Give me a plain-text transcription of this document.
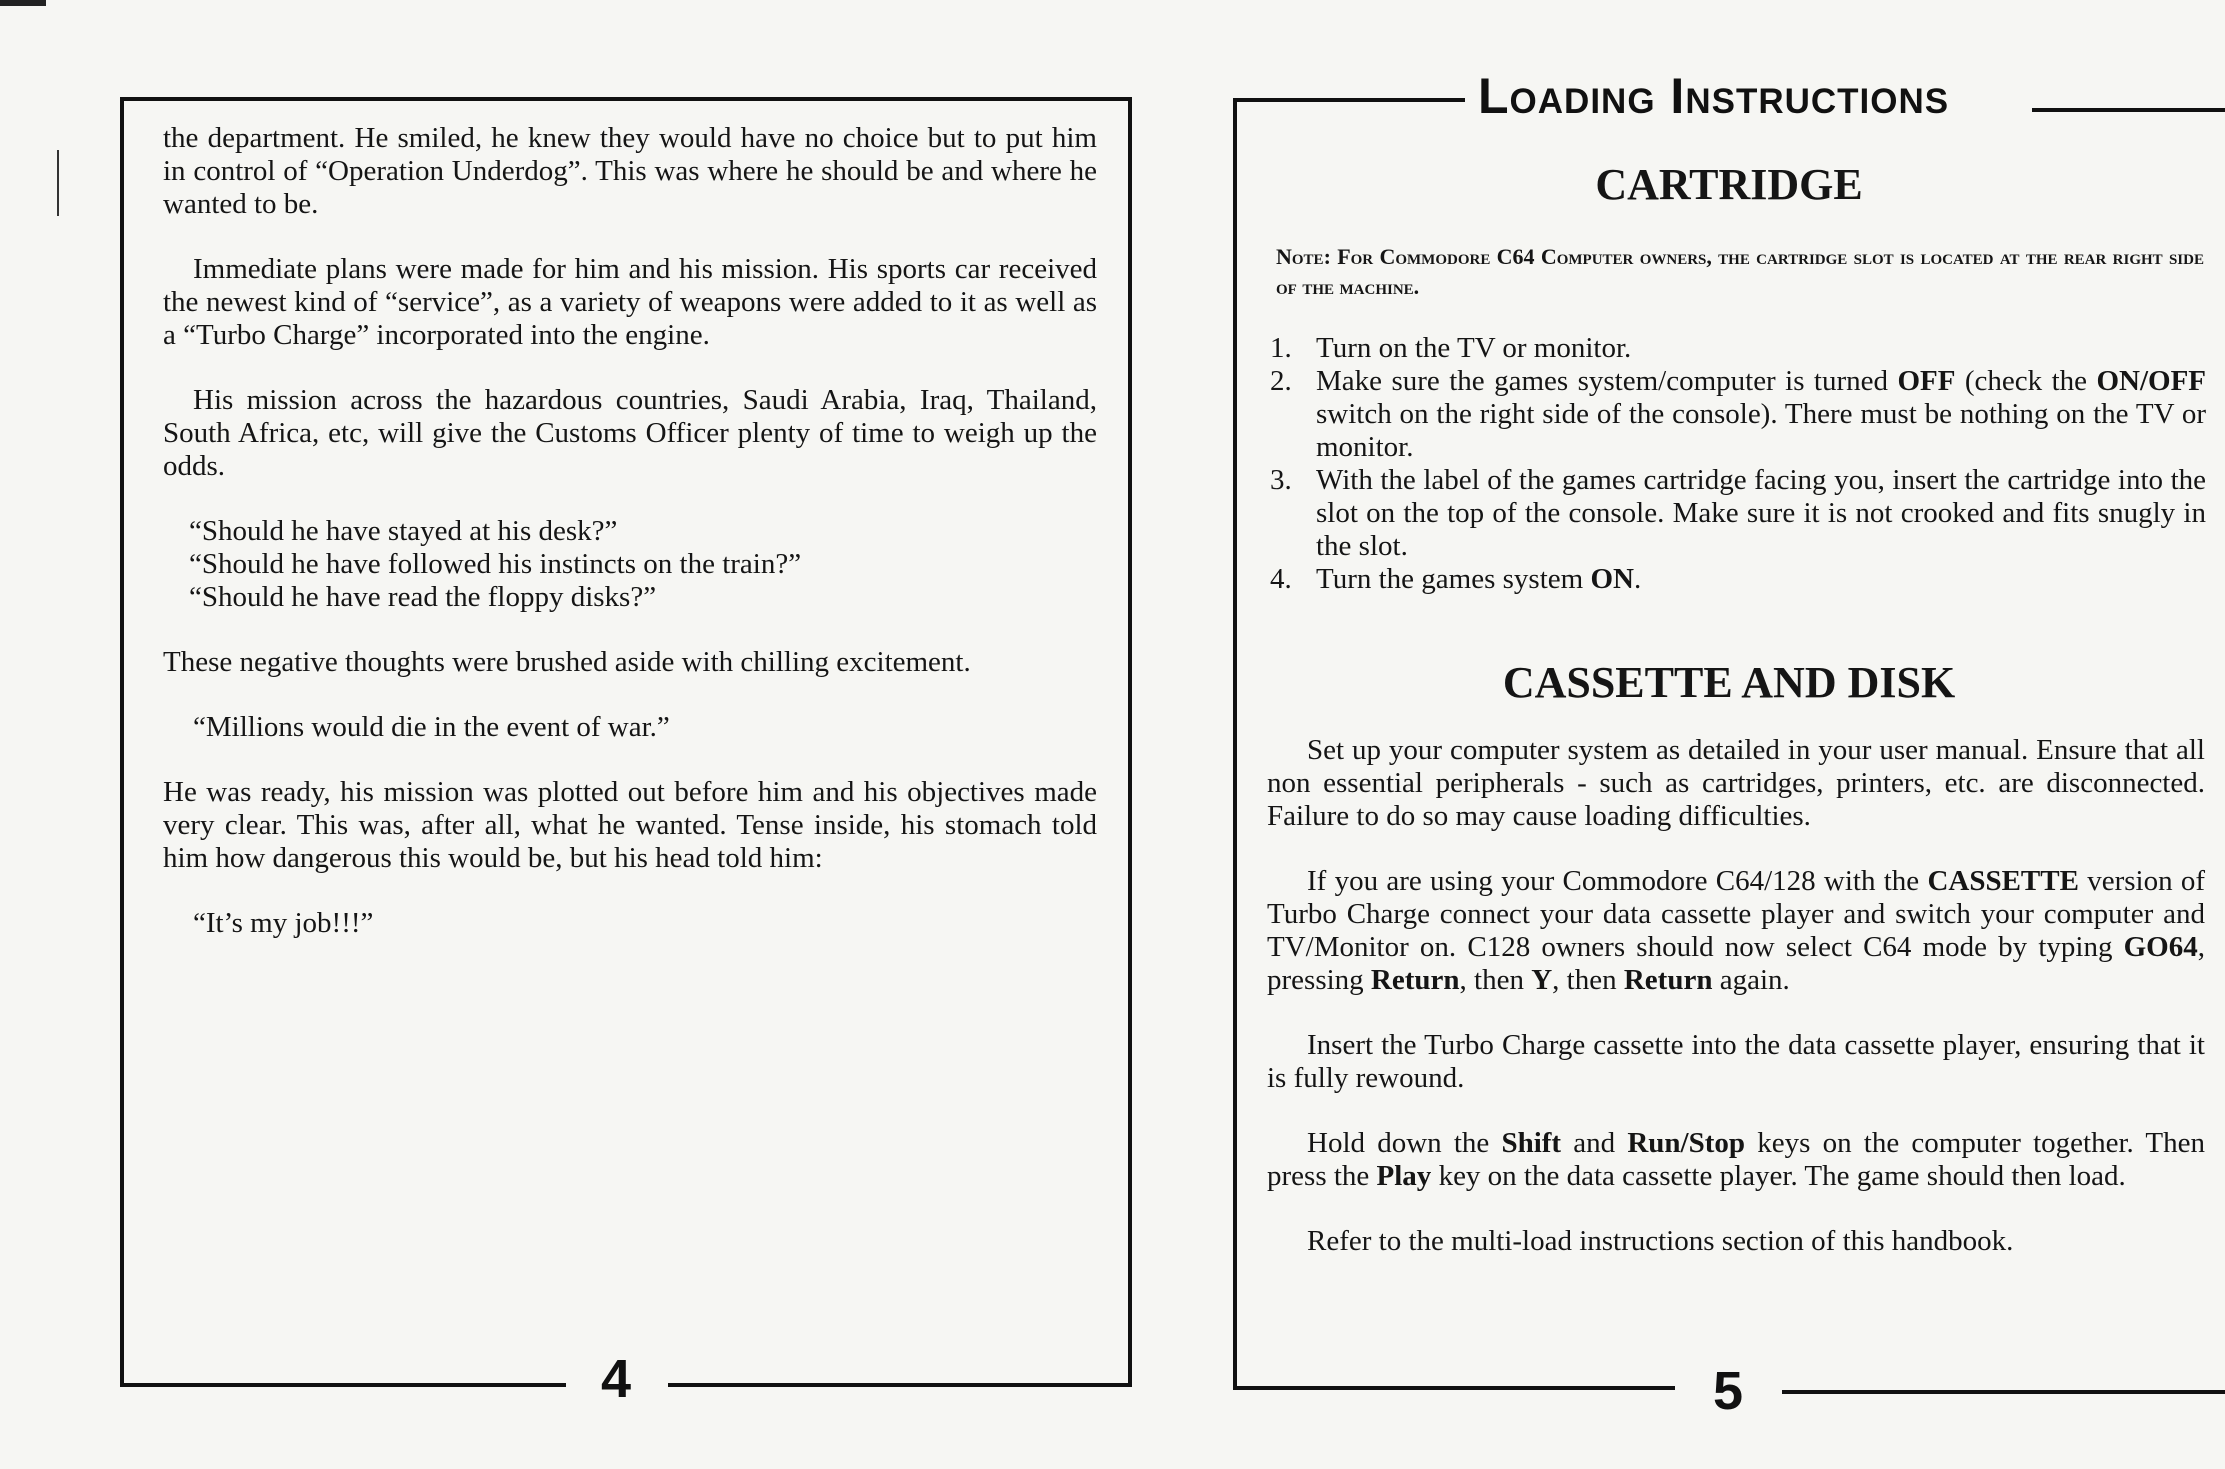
4

the department. He smiled, he knew they would have no choice but to put him in control of “Operation Underdog”. This was where he should be and where he wanted to be.

Immediate plans were made for him and his mission. His sports car received the newest kind of “service”, as a variety of weapons were added to it as well as a “Turbo Charge” incorporated into the engine.

His mission across the hazardous countries, Saudi Arabia, Iraq, Thailand, South Africa, etc, will give the Customs Officer plenty of time to weigh up the odds.

“Should he have stayed at his desk?”
“Should he have followed his instincts on the train?”
“Should he have read the floppy disks?”

These negative thoughts were brushed aside with chilling excitement.

“Millions would die in the event of war.”

He was ready, his mission was plotted out before him and his objectives made very clear. This was, after all, what he wanted. Tense inside, his stomach told him how dangerous this would be, but his head told him:

“It’s my job!!!”

Loading Instructions
5
CARTRIDGE
Note: For Commodore C64 Computer owners, the cartridge slot is located at the rear right side of the machine.
1. Turn on the TV or monitor.
2. Make sure the games system/computer is turned OFF (check the ON/OFF switch on the right side of the console). There must be nothing on the TV or monitor.
3. With the label of the games cartridge facing you, insert the cartridge into the slot on the top of the console. Make sure it is not crooked and fits snugly in the slot.
4. Turn the games system ON.
CASSETTE AND DISK

Set up your computer system as detailed in your user manual. Ensure that all non essential peripherals - such as cartridges, printers, etc. are disconnected. Failure to do so may cause loading difficulties.

If you are using your Commodore C64/128 with the CASSETTE version of Turbo Charge connect your data cassette player and switch your computer and TV/Monitor on. C128 owners should now select C64 mode by typing GO64, pressing Return, then Y, then Return again.

Insert the Turbo Charge cassette into the data cassette player, ensuring that it is fully rewound.

Hold down the Shift and Run/Stop keys on the computer together. Then press the Play key on the data cassette player. The game should then load.

Refer to the multi-load instructions section of this handbook.
